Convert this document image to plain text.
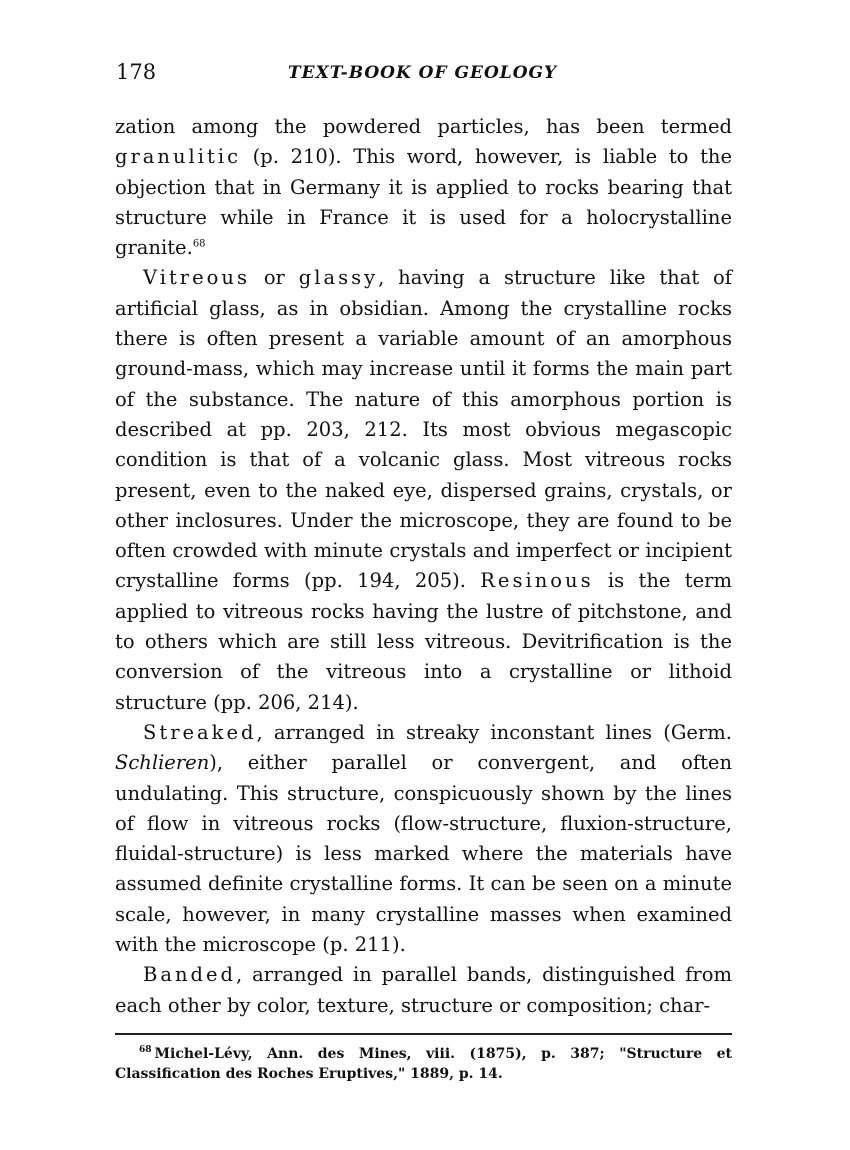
178	TEXT-BOOK OF GEOLOGY

zation among the powdered particles, has been termed granulitic (p. 210). This word, however, is liable to the objection that in Germany it is applied to rocks bearing that structure while in France it is used for a holocrystalline granite.$^{68}$

Vitreous or glassy, having a structure like that of artificial glass, as in obsidian. Among the crystalline rocks there is often present a variable amount of an amorphous ground-mass, which may increase until it forms the main part of the substance. The nature of this amorphous portion is described at pp. 203, 212. Its most obvious megascopic condition is that of a volcanic glass. Most vitreous rocks present, even to the naked eye, dispersed grains, crystals, or other inclosures. Under the microscope, they are found to be often crowded with minute crystals and imperfect or incipient crystalline forms (pp. 194, 205). Resinous is the term applied to vitreous rocks having the lustre of pitchstone, and to others which are still less vitreous. Devitrification is the conversion of the vitreous into a crystalline or lithoid structure (pp. 206, 214).

Streaked, arranged in streaky inconstant lines (Germ. Schlieren), either parallel or convergent, and often undulating. This structure, conspicuously shown by the lines of flow in vitreous rocks (flow-structure, fluxion-structure, fluidal-structure) is less marked where the materials have assumed definite crystalline forms. It can be seen on a minute scale, however, in many crystalline masses when examined with the microscope (p. 211).

Banded, arranged in parallel bands, distinguished from each other by color, texture, structure or composition; char-

$^{68}$ Michel-Lévy, Ann. des Mines, viii. (1875), p. 387; "Structure et Classification des Roches Eruptives," 1889, p. 14.
